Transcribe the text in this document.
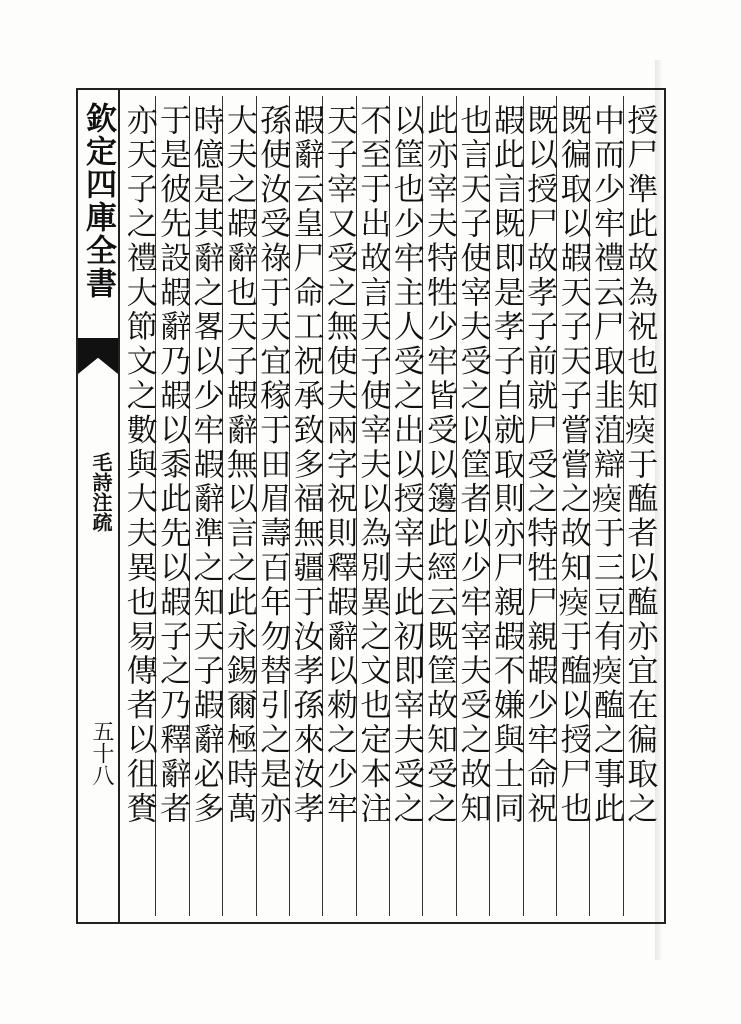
欽定四庫全書
毛詩注疏
五十八	授尸準此故為祝也知𤷿于醢者以醢亦宜在徧取之
中而少牢禮云尸取韭菹辯𤷿于三豆有𤷿醢之事此
既徧取以嘏天子天子嘗嘗之故知𤷿于醢以授尸也
既以授尸故孝子前就尸受之特牲尸親嘏少牢命祝
嘏此言既即是孝子自就取則亦尸親嘏不嫌與士同
也言天子使宰夫受之以筐者以少牢宰夫受之故知
此亦宰夫特牲少牢皆受以籩此經云既筐故知受之
以筐也少牢主人受之出以授宰夫此初即宰夫受之
不至于出故言天子使宰夫以為別異之文也定本注
天子宰又受之無使夫兩字祝則釋嘏辭以勑之少牢
嘏辭云皇尸命工祝承致多福無疆于汝孝孫來汝孝
孫使汝受祿于天宜稼于田眉壽百年勿替引之是亦
大夫之嘏辭也天子嘏辭無以言之此永錫爾極時萬
時億是其辭之畧以少牢嘏辭準之知天子嘏辭必多
于是彼先設嘏辭乃嘏以黍此先以嘏子之乃釋辭者
亦天子之禮大節文之數與大夫異也易傳者以徂賚
